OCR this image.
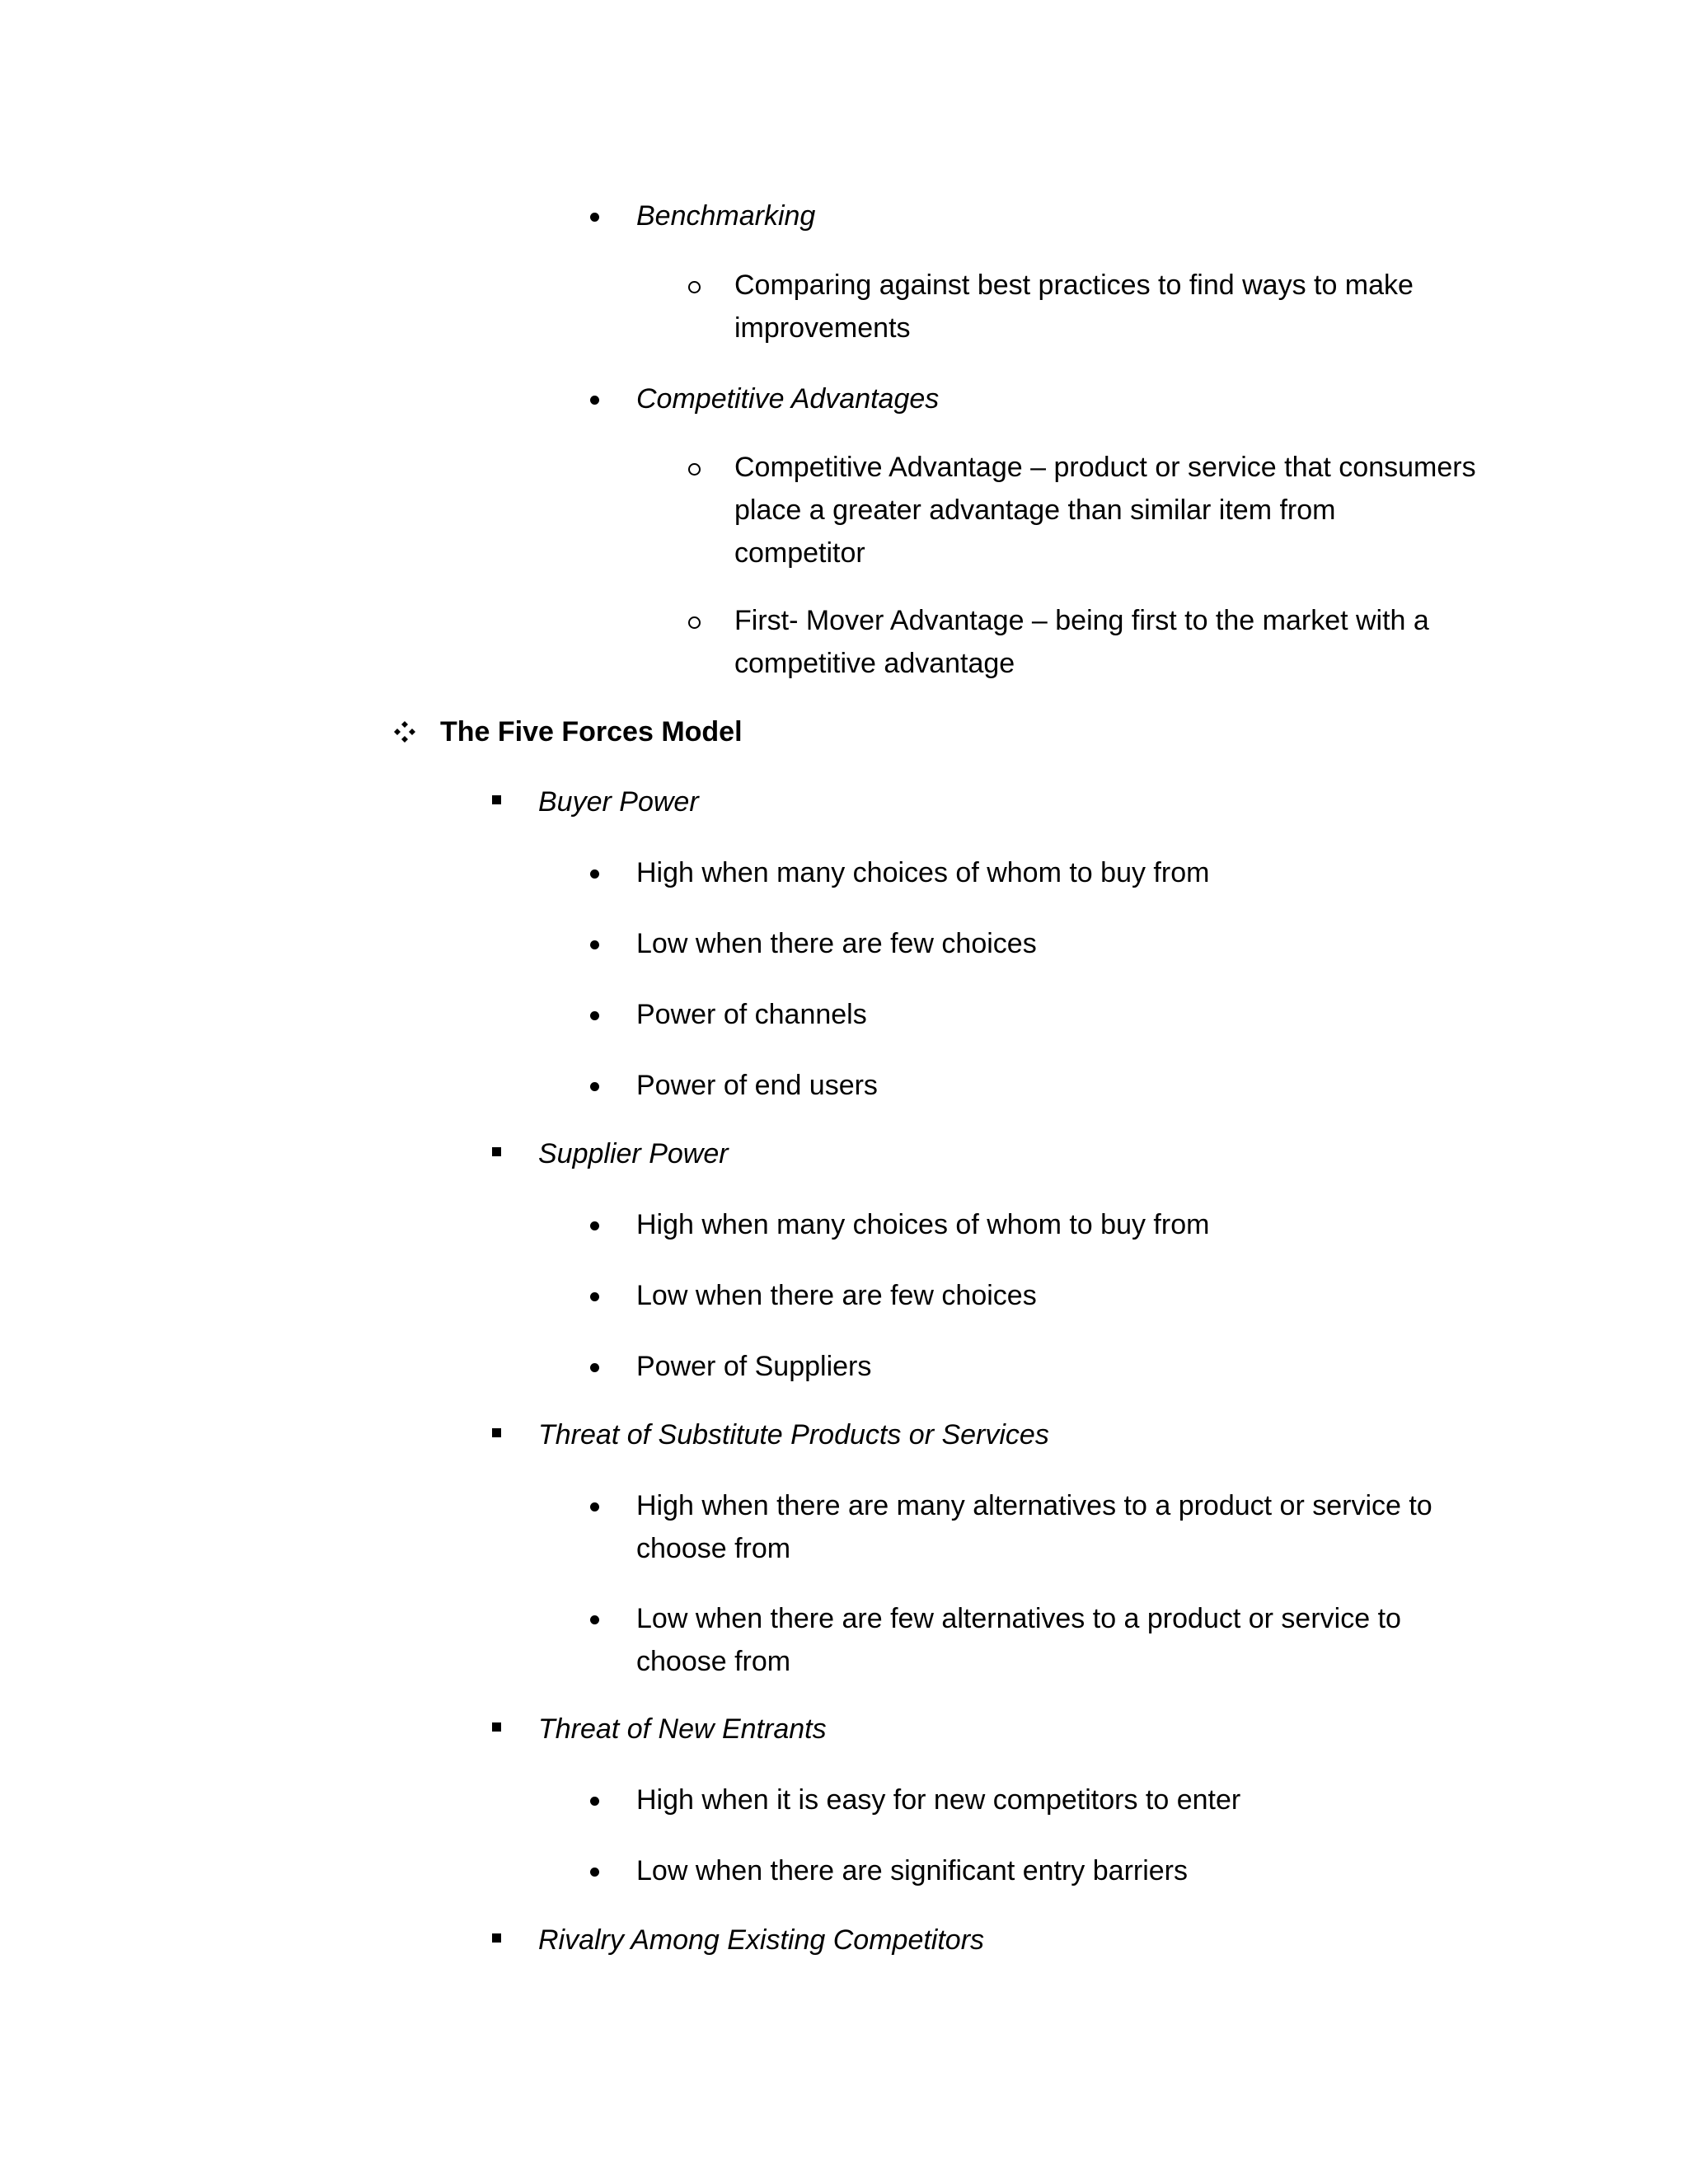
Benchmarking
Comparing against best practices to find ways to make
improvements
Competitive Advantages
Competitive Advantage – product or service that consumers
place a greater advantage than similar item from
competitor
First- Mover Advantage – being first to the market with a
competitive advantage
The Five Forces Model
Buyer Power
High when many choices of whom to buy from
Low when there are few choices
Power of channels
Power of end users
Supplier Power
High when many choices of whom to buy from
Low when there are few choices
Power of Suppliers
Threat of Substitute Products or Services
High when there are many alternatives to a product or service to
choose from
Low when there are few alternatives to a product or service to
choose from
Threat of New Entrants
High when it is easy for new competitors to enter
Low when there are significant entry barriers
Rivalry Among Existing Competitors
